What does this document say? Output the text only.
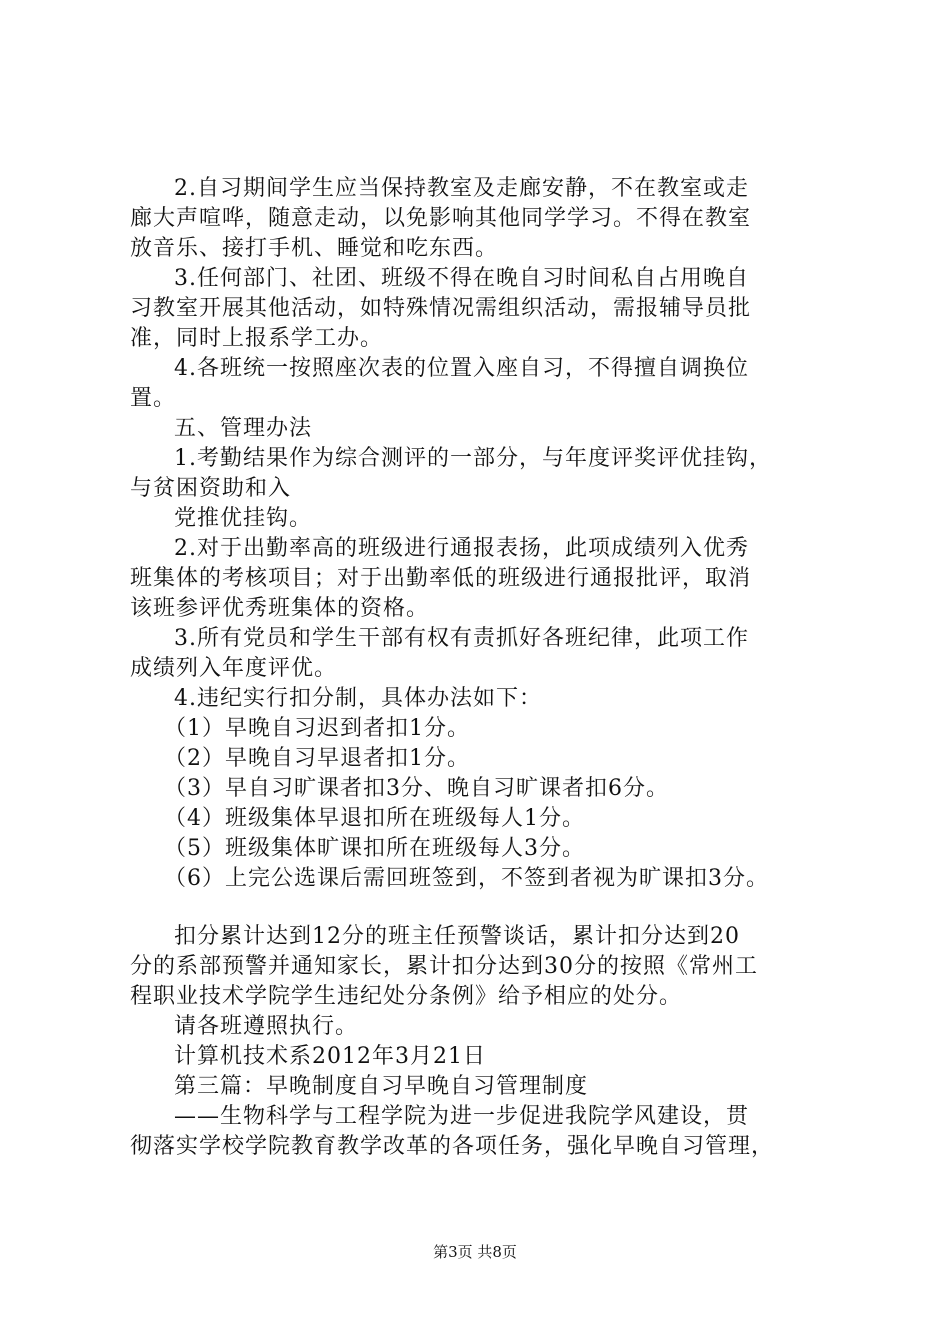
2.自习期间学生应当保持教室及走廊安静，不在教室或走
廊大声喧哗，随意走动，以免影响其他同学学习。不得在教室
放音乐、接打手机、睡觉和吃东西。
3.任何部门、社团、班级不得在晚自习时间私自占用晚自
习教室开展其他活动，如特殊情况需组织活动，需报辅导员批
准，同时上报系学工办。
4.各班统一按照座次表的位置入座自习，不得擅自调换位
置。
五、管理办法
1.考勤结果作为综合测评的一部分，与年度评奖评优挂钩，
与贫困资助和入
党推优挂钩。
2.对于出勤率高的班级进行通报表扬，此项成绩列入优秀
班集体的考核项目；对于出勤率低的班级进行通报批评，取消
该班参评优秀班集体的资格。
3.所有党员和学生干部有权有责抓好各班纪律，此项工作
成绩列入年度评优。
4.违纪实行扣分制，具体办法如下：
（1）早晚自习迟到者扣1分。
（2）早晚自习早退者扣1分。
（3）早自习旷课者扣3分、晚自习旷课者扣6分。
（4）班级集体早退扣所在班级每人1分。
（5）班级集体旷课扣所在班级每人3分。
（6）上完公选课后需回班签到，不签到者视为旷课扣3分。
扣分累计达到12分的班主任预警谈话，累计扣分达到20
分的系部预警并通知家长，累计扣分达到30分的按照《常州工
程职业技术学院学生违纪处分条例》给予相应的处分。
请各班遵照执行。
计算机技术系2012年3月21日
第三篇：早晚制度自习早晚自习管理制度
——生物科学与工程学院为进一步促进我院学风建设，贯
彻落实学校学院教育教学改革的各项任务，强化早晚自习管理，
第3页 共8页
